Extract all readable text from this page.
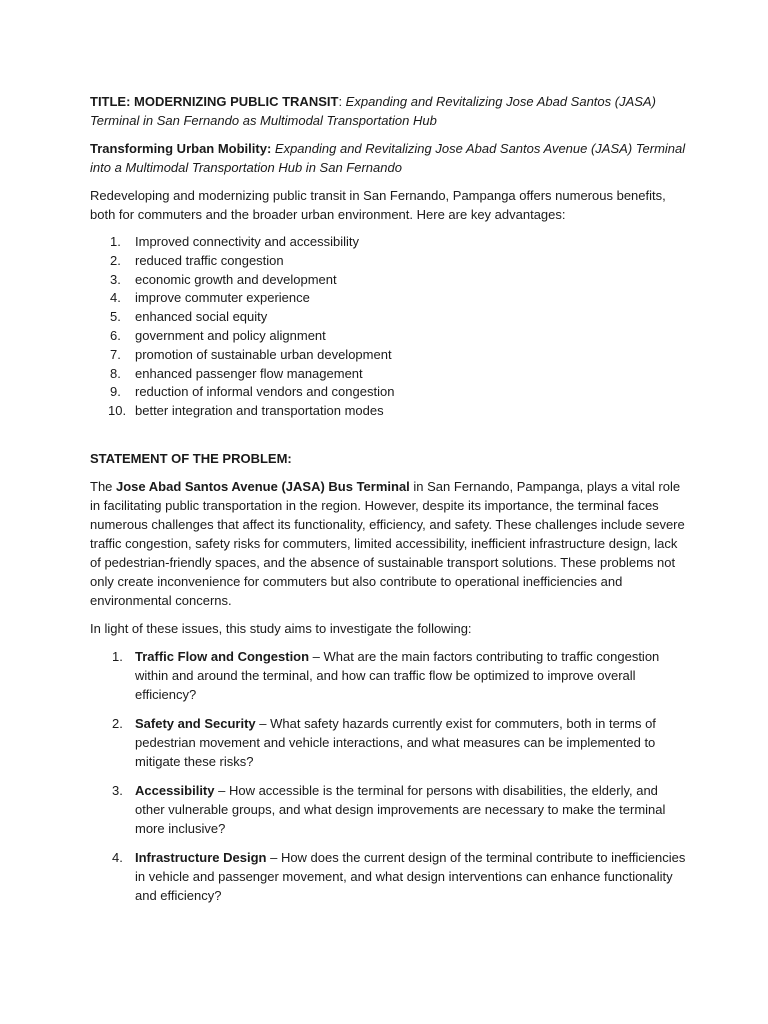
TITLE: MODERNIZING PUBLIC TRANSIT: Expanding and Revitalizing Jose Abad Santos (JASA) Terminal in San Fernando as Multimodal Transportation Hub

Transforming Urban Mobility: Expanding and Revitalizing Jose Abad Santos Avenue (JASA) Terminal into a Multimodal Transportation Hub in San Fernando

Redeveloping and modernizing public transit in San Fernando, Pampanga offers numerous benefits, both for commuters and the broader urban environment. Here are key advantages:

1.	Improved connectivity and accessibility
2.	reduced traffic congestion
3.	economic growth and development
4.	improve commuter experience
5.	enhanced social equity
6.	government and policy alignment
7.	promotion of sustainable urban development
8.	enhanced passenger flow management
9.	reduction of informal vendors and congestion
10. better integration and transportation modes

STATEMENT OF THE PROBLEM:

The Jose Abad Santos Avenue (JASA) Bus Terminal in San Fernando, Pampanga, plays a vital role in facilitating public transportation in the region. However, despite its importance, the terminal faces numerous challenges that affect its functionality, efficiency, and safety. These challenges include severe traffic congestion, safety risks for commuters, limited accessibility, inefficient infrastructure design, lack of pedestrian-friendly spaces, and the absence of sustainable transport solutions. These problems not only create inconvenience for commuters but also contribute to operational inefficiencies and environmental concerns.

In light of these issues, this study aims to investigate the following:

1. Traffic Flow and Congestion – What are the main factors contributing to traffic congestion within and around the terminal, and how can traffic flow be optimized to improve overall efficiency?
2. Safety and Security – What safety hazards currently exist for commuters, both in terms of pedestrian movement and vehicle interactions, and what measures can be implemented to mitigate these risks?
3. Accessibility – How accessible is the terminal for persons with disabilities, the elderly, and other vulnerable groups, and what design improvements are necessary to make the terminal more inclusive?
4. Infrastructure Design – How does the current design of the terminal contribute to inefficiencies in vehicle and passenger movement, and what design interventions can enhance functionality and efficiency?
